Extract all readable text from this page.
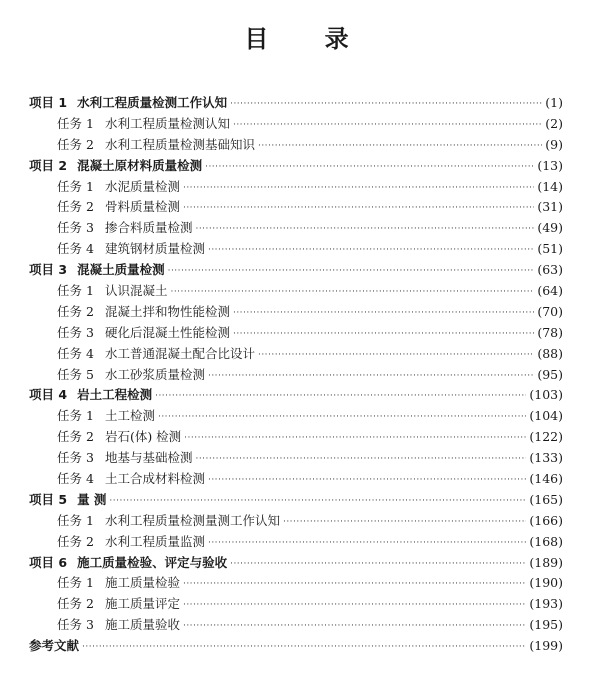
目 录
项目 1 水利工程质量检测工作认知 ·····	(1)
任务 1 水利工程质量检测认知 ·····	(2)
任务 2 水利工程质量检测基础知识 ·····	(9)
项目 2 混凝土原材料质量检测 ·····	(13)
任务 1 水泥质量检测 ·····	(14)
任务 2 骨料质量检测 ·····	(31)
任务 3 掺合料质量检测 ·····	(49)
任务 4 建筑钢材质量检测 ·····	(51)
项目 3 混凝土质量检测 ·····	(63)
任务 1 认识混凝土 ·····	(64)
任务 2 混凝土拌和物性能检测 ·····	(70)
任务 3 硬化后混凝土性能检测 ·····	(78)
任务 4 水工普通混凝土配合比设计 ·····	(88)
任务 5 水工砂浆质量检测 ·····	(95)
项目 4 岩土工程检测 ·····	(103)
任务 1 土工检测 ·····	(104)
任务 2 岩石(体) 检测 ·····	(122)
任务 3 地基与基础检测 ·····	(133)
任务 4 土工合成材料检测 ·····	(146)
项目 5 量 测 ·····	(165)
任务 1 水利工程质量检测量测工作认知 ·····	(166)
任务 2 水利工程质量监测 ·····	(168)
项目 6 施工质量检验、评定与验收 ·····	(189)
任务 1 施工质量检验 ·····	(190)
任务 2 施工质量评定 ·····	(193)
任务 3 施工质量验收 ·····	(195)
参考文献 ·····	(199)
